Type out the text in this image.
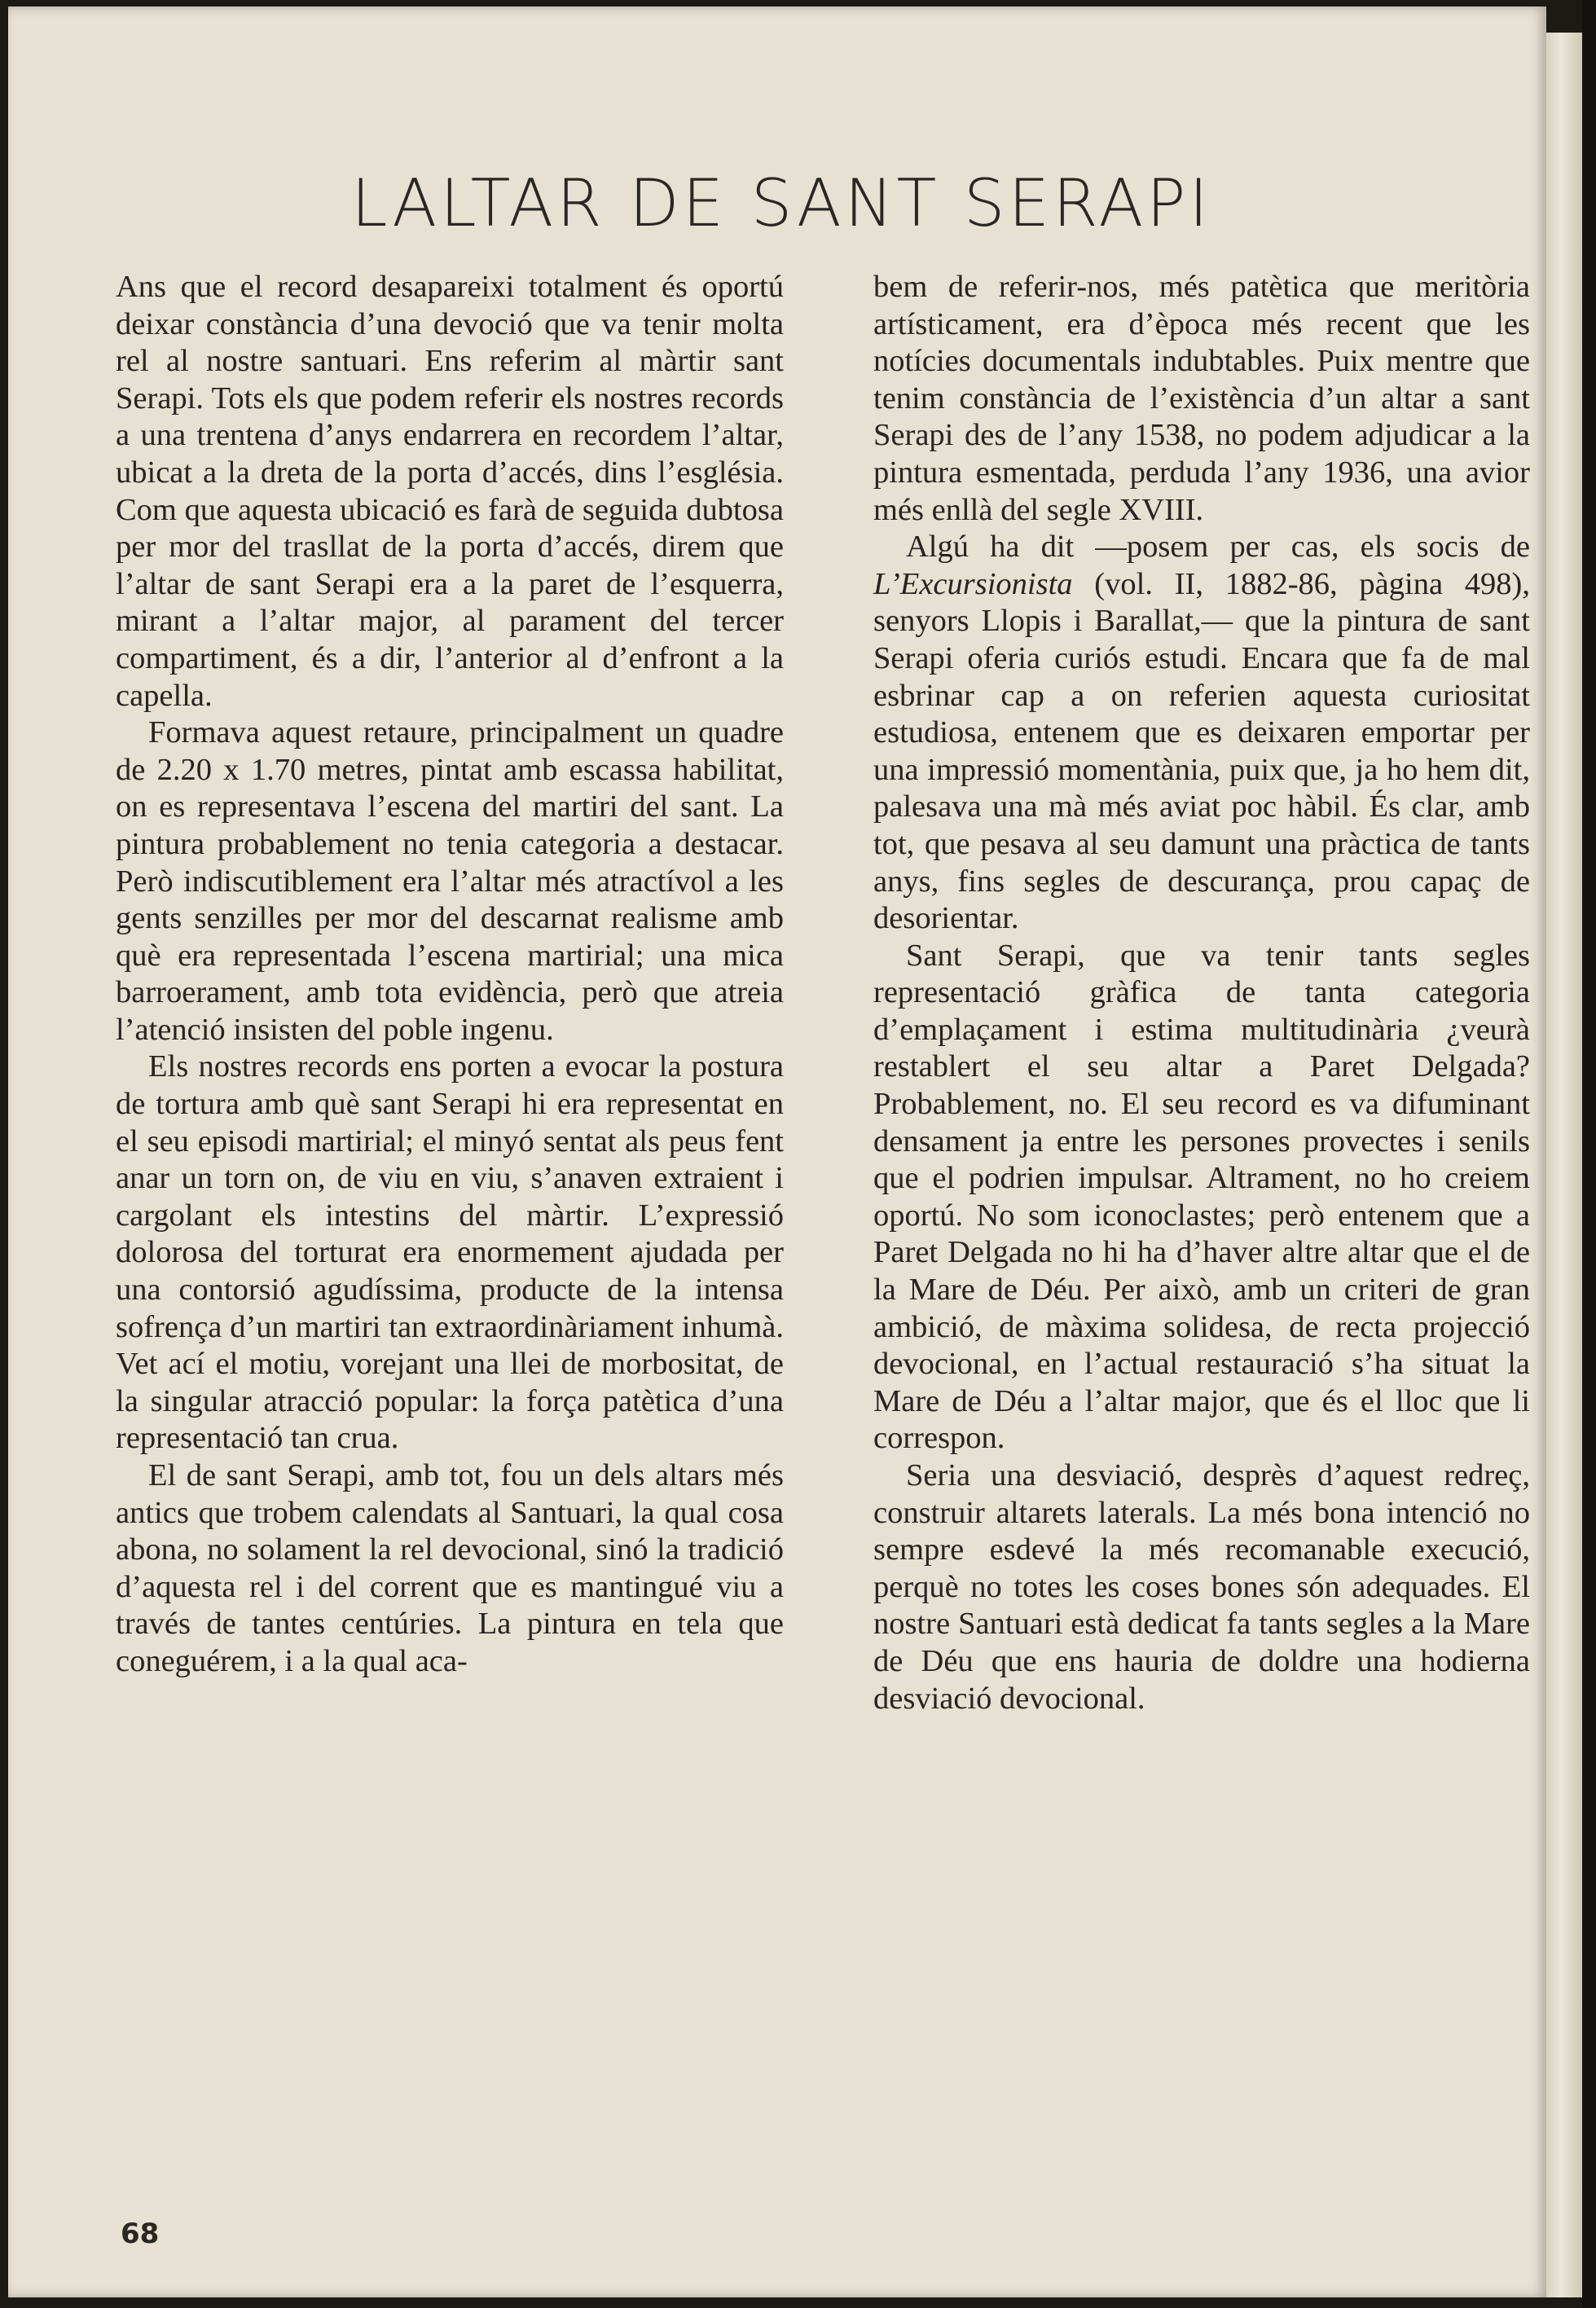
LALTAR DE SANT SERAPI

Ans que el record desapareixi totalment és oportú deixar constància d’una devoció que va tenir molta rel al nostre santuari. Ens referim al màrtir sant Serapi. Tots els que podem referir els nostres records a una trentena d’anys endarrera en recordem l’altar, ubicat a la dreta de la porta d’accés, dins l’església. Com que aquesta ubicació es farà de seguida dubtosa per mor del trasllat de la porta d’accés, direm que l’altar de sant Serapi era a la paret de l’esquerra, mirant a l’altar major, al parament del tercer compartiment, és a dir, l’anterior al d’enfront a la capella.

Formava aquest retaure, principalment un quadre de 2.20 x 1.70 metres, pintat amb escassa habilitat, on es representava l’escena del martiri del sant. La pintura probablement no tenia categoria a destacar. Però indiscutiblement era l’altar més atractívol a les gents senzilles per mor del descarnat realisme amb què era representada l’escena martirial; una mica barroerament, amb tota evidència, però que atreia l’atenció insisten del poble ingenu.

Els nostres records ens porten a evocar la postura de tortura amb què sant Serapi hi era representat en el seu episodi martirial; el minyó sentat als peus fent anar un torn on, de viu en viu, s’anaven extraient i cargolant els intestins del màrtir. L’expressió dolorosa del torturat era enormement ajudada per una contorsió agudíssima, producte de la intensa sofrença d’un martiri tan extraordinàriament inhumà. Vet ací el motiu, vorejant una llei de morbositat, de la singular atracció popular: la força patètica d’una representació tan crua.

El de sant Serapi, amb tot, fou un dels altars més antics que trobem calendats al Santuari, la qual cosa abona, no solament la rel devocional, sinó la tradició d’aquesta rel i del corrent que es mantingué viu a través de tantes centúries. La pintura en tela que coneguérem, i a la qual aca-

bem de referir-nos, més patètica que meritòria artísticament, era d’època més recent que les notícies documentals indubtables. Puix mentre que tenim constància de l’existència d’un altar a sant Serapi des de l’any 1538, no podem adjudicar a la pintura esmentada, perduda l’any 1936, una avior més enllà del segle XVIII.

Algú ha dit —posem per cas, els socis de L’Excursionista (vol. II, 1882-86, pàgina 498), senyors Llopis i Barallat,— que la pintura de sant Serapi oferia curiós estudi. Encara que fa de mal esbrinar cap a on referien aquesta curiositat estudiosa, entenem que es deixaren emportar per una impressió momentània, puix que, ja ho hem dit, palesava una mà més aviat poc hàbil. És clar, amb tot, que pesava al seu damunt una pràctica de tants anys, fins segles de descurança, prou capaç de desorientar.

Sant Serapi, que va tenir tants segles representació gràfica de tanta categoria d’emplaçament i estima multitudinària ¿veurà restablert el seu altar a Paret Delgada? Probablement, no. El seu record es va difuminant densament ja entre les persones provectes i senils que el podrien impulsar. Altrament, no ho creiem oportú. No som iconoclastes; però entenem que a Paret Delgada no hi ha d’haver altre altar que el de la Mare de Déu. Per això, amb un criteri de gran ambició, de màxima solidesa, de recta projecció devocional, en l’actual restauració s’ha situat la Mare de Déu a l’altar major, que és el lloc que li correspon.

Seria una desviació, desprès d’aquest redreç, construir altarets laterals. La més bona intenció no sempre esdevé la més recomanable execució, perquè no totes les coses bones són adequades. El nostre Santuari està dedicat fa tants segles a la Mare de Déu que ens hauria de doldre una hodierna desviació devocional.

68
